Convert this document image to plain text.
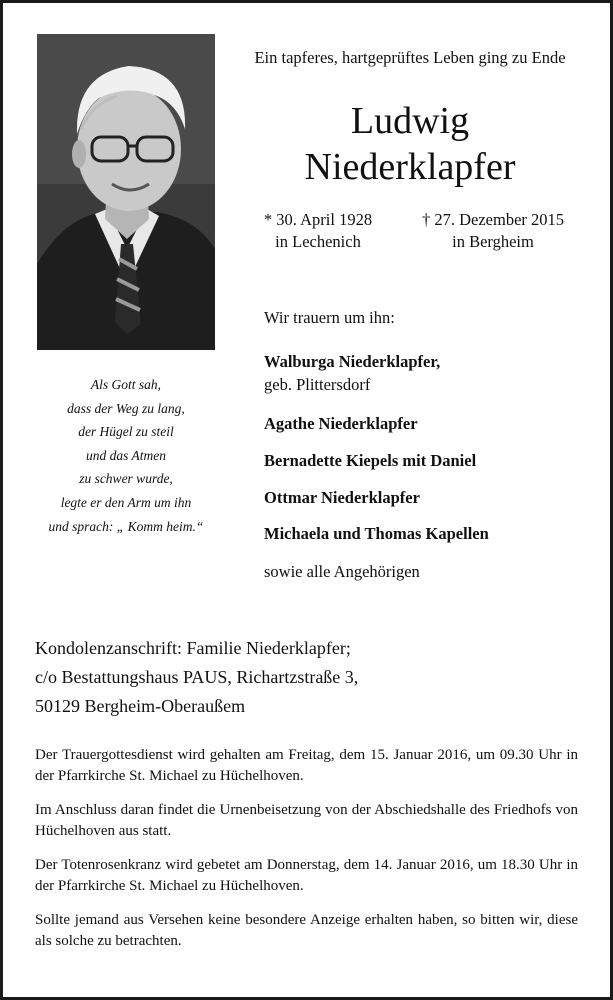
Als Gott sah,
dass der Weg zu lang,
der Hügel zu steil
und das Atmen
zu schwer wurde,
legte er den Arm um ihn
und sprach: „ Komm heim.“
Ein tapferes, hartgeprüftes Leben ging zu Ende
Ludwig
Niederklapfer
* 30. April 1928
in Lechenich
† 27. Dezember 2015
in Bergheim
Wir trauern um ihn:
Walburga Niederklapfer,
geb. Plittersdorf
Agathe Niederklapfer
Bernadette Kiepels mit Daniel
Ottmar Niederklapfer
Michaela und Thomas Kapellen
sowie alle Angehörigen
Kondolenzanschrift: Familie Niederklapfer;
c/o Bestattungshaus PAUS, Richartzstraße 3,
50129 Bergheim-Oberaußem

Der Trauergottesdienst wird gehalten am Freitag, dem 15. Januar 2016, um 09.30 Uhr in der Pfarrkirche St. Michael zu Hüchelhoven.

Im Anschluss daran findet die Urnenbeisetzung von der Abschiedshalle des Friedhofs von Hüchelhoven aus statt.

Der Totenrosenkranz wird gebetet am Donnerstag, dem 14. Januar 2016, um 18.30 Uhr in der Pfarrkirche St. Michael zu Hüchelhoven.

Sollte jemand aus Versehen keine besondere Anzeige erhalten haben, so bitten wir, diese als solche zu betrachten.
